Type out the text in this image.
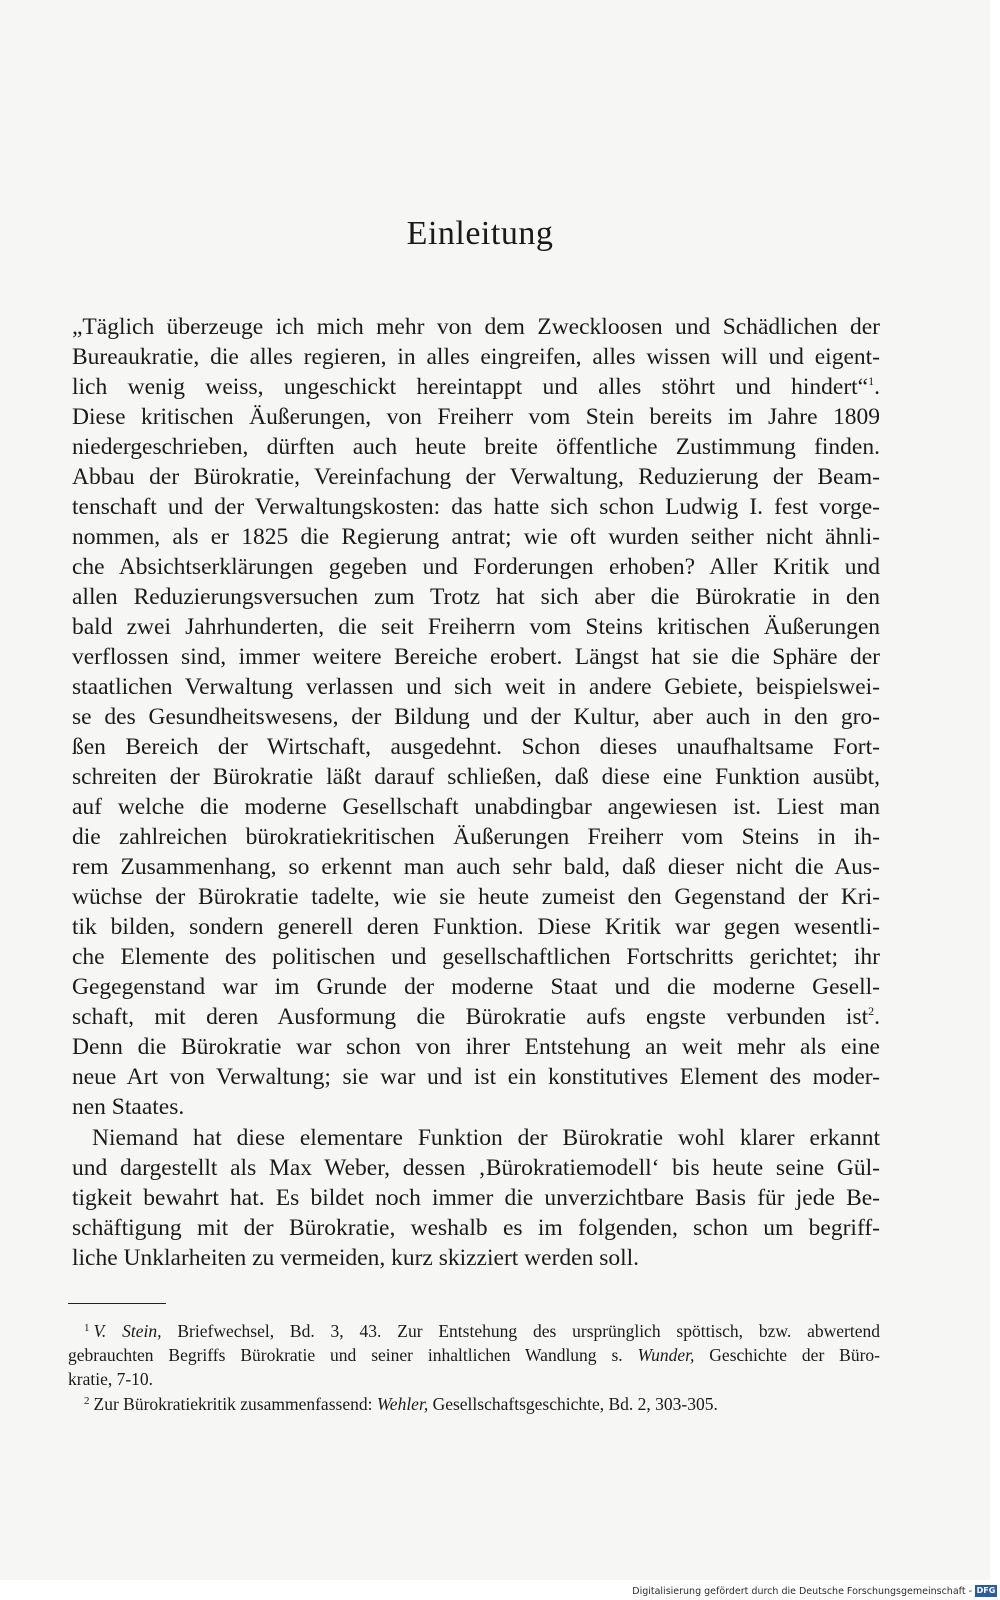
Einleitung
„Täglich überzeuge ich mich mehr von dem Zweckloosen und Schädlichen der
Bureaukratie, die alles regieren, in alles eingreifen, alles wissen will und eigent-
lich wenig weiss, ungeschickt hereintappt und alles stöhrt und hindert“$^1$.
Diese kritischen Äußerungen, von Freiherr vom Stein bereits im Jahre 1809
niedergeschrieben, dürften auch heute breite öffentliche Zustimmung finden.
Abbau der Bürokratie, Vereinfachung der Verwaltung, Reduzierung der Beam-
tenschaft und der Verwaltungskosten: das hatte sich schon Ludwig I. fest vorge-
nommen, als er 1825 die Regierung antrat; wie oft wurden seither nicht ähnli-
che Absichtserklärungen gegeben und Forderungen erhoben? Aller Kritik und
allen Reduzierungsversuchen zum Trotz hat sich aber die Bürokratie in den
bald zwei Jahrhunderten, die seit Freiherrn vom Steins kritischen Äußerungen
verflossen sind, immer weitere Bereiche erobert. Längst hat sie die Sphäre der
staatlichen Verwaltung verlassen und sich weit in andere Gebiete, beispielswei-
se des Gesundheitswesens, der Bildung und der Kultur, aber auch in den gro-
ßen Bereich der Wirtschaft, ausgedehnt. Schon dieses unaufhaltsame Fort-
schreiten der Bürokratie läßt darauf schließen, daß diese eine Funktion ausübt,
auf welche die moderne Gesellschaft unabdingbar angewiesen ist. Liest man
die zahlreichen bürokratiekritischen Äußerungen Freiherr vom Steins in ih-
rem Zusammenhang, so erkennt man auch sehr bald, daß dieser nicht die Aus-
wüchse der Bürokratie tadelte, wie sie heute zumeist den Gegenstand der Kri-
tik bilden, sondern generell deren Funktion. Diese Kritik war gegen wesentli-
che Elemente des politischen und gesellschaftlichen Fortschritts gerichtet; ihr
Gegegenstand war im Grunde der moderne Staat und die moderne Gesell-
schaft, mit deren Ausformung die Bürokratie aufs engste verbunden ist$^2$.
Denn die Bürokratie war schon von ihrer Entstehung an weit mehr als eine
neue Art von Verwaltung; sie war und ist ein konstitutives Element des moder-
nen Staates.
Niemand hat diese elementare Funktion der Bürokratie wohl klarer erkannt
und dargestellt als Max Weber, dessen ‚Bürokratiemodell‘ bis heute seine Gül-
tigkeit bewahrt hat. Es bildet noch immer die unverzichtbare Basis für jede Be-
schäftigung mit der Bürokratie, weshalb es im folgenden, schon um begriff-
liche Unklarheiten zu vermeiden, kurz skizziert werden soll.
$^1$ V. Stein, Briefwechsel, Bd. 3, 43. Zur Entstehung des ursprünglich spöttisch, bzw. abwertend
gebrauchten Begriffs Bürokratie und seiner inhaltlichen Wandlung s. Wunder, Geschichte der Büro-
kratie, 7-10.
$^2$ Zur Bürokratiekritik zusammenfassend: Wehler, Gesellschaftsgeschichte, Bd. 2, 303-305.
Digitalisierung gefördert durch die Deutsche Forschungsgemeinschaft - DFG
